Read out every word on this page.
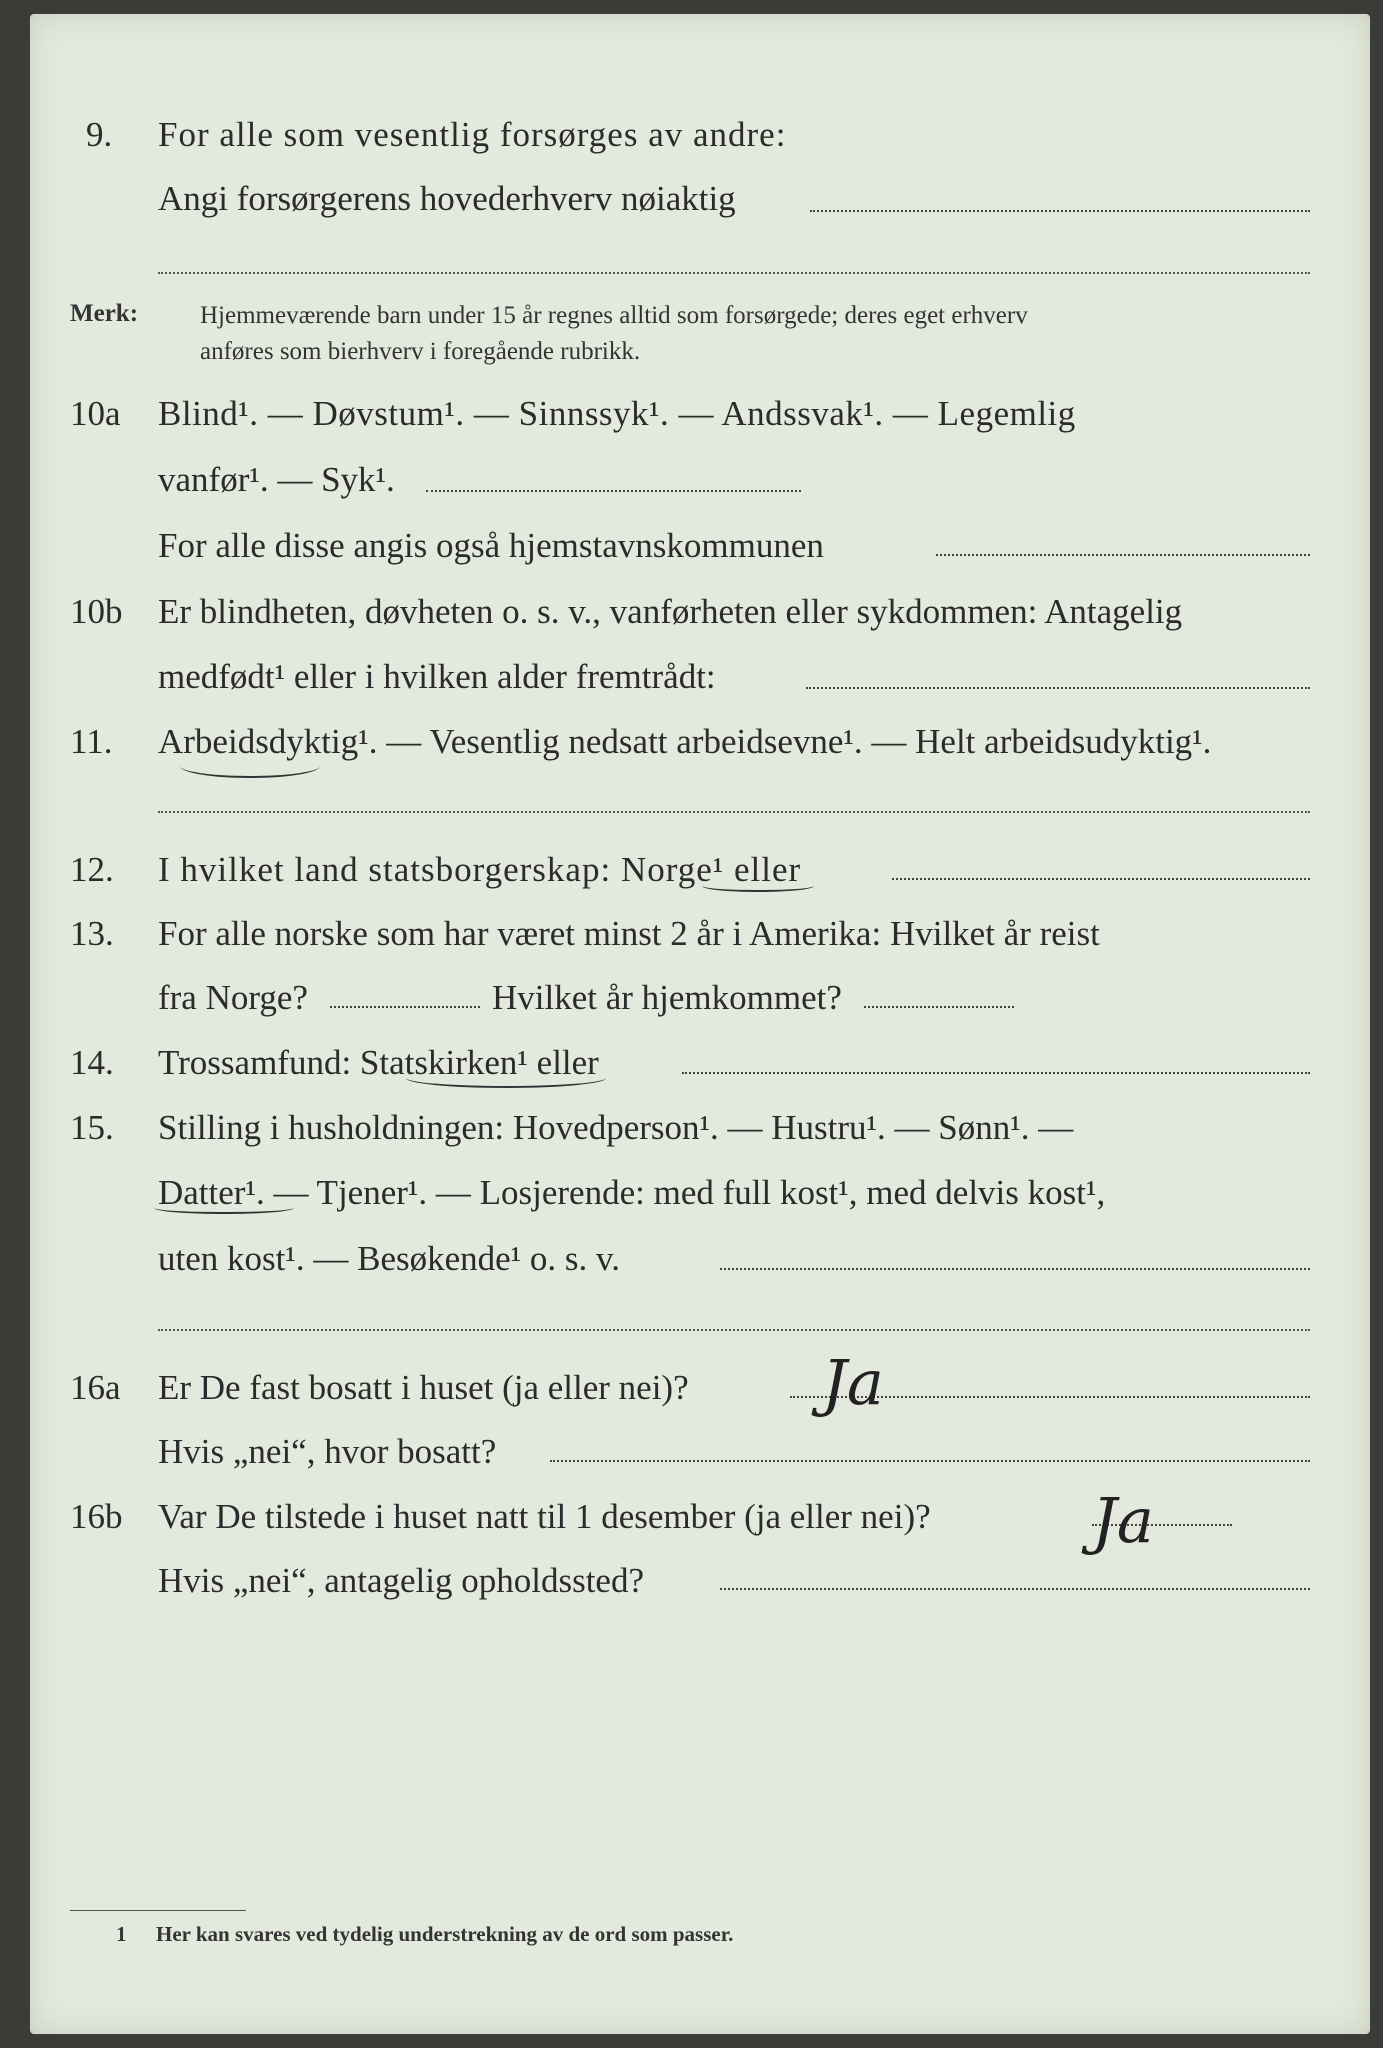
9. For alle som vesentlig forsørges av andre:
Angi forsørgerens hovederhverv nøiaktig
Merk: Hjemmeværende barn under 15 år regnes alltid som forsørgede; deres eget erhverv
anføres som bierhverv i foregående rubrikk.
10a Blind¹. — Døvstum¹. — Sinnssyk¹. — Andssvak¹. — Legemlig
vanfør¹. — Syk¹.
For alle disse angis også hjemstavnskommunen
10b Er blindheten, døvheten o. s. v., vanførheten eller sykdommen: Antagelig
medfødt¹ eller i hvilken alder fremtrådt:
11. Arbeidsdyktig¹. — Vesentlig nedsatt arbeidsevne¹. — Helt arbeidsudyktig¹.
12. I hvilket land statsborgerskap: Norge¹ eller
13. For alle norske som har været minst 2 år i Amerika: Hvilket år reist
fra Norge?	Hvilket år hjemkommet?
14. Trossamfund: Statskirken¹ eller
15. Stilling i husholdningen: Hovedperson¹. — Hustru¹. — Sønn¹. —
Datter¹. — Tjener¹. — Losjerende: med full kost¹, med delvis kost¹,
uten kost¹. — Besøkende¹ o. s. v.
16a Er De fast bosatt i huset (ja eller nei)? Ja
Hvis „nei“, hvor bosatt?
16b Var De tilstede i huset natt til 1 desember (ja eller nei)?	Ja
Hvis „nei“, antagelig opholdssted?
1 Her kan svares ved tydelig understrekning av de ord som passer.
